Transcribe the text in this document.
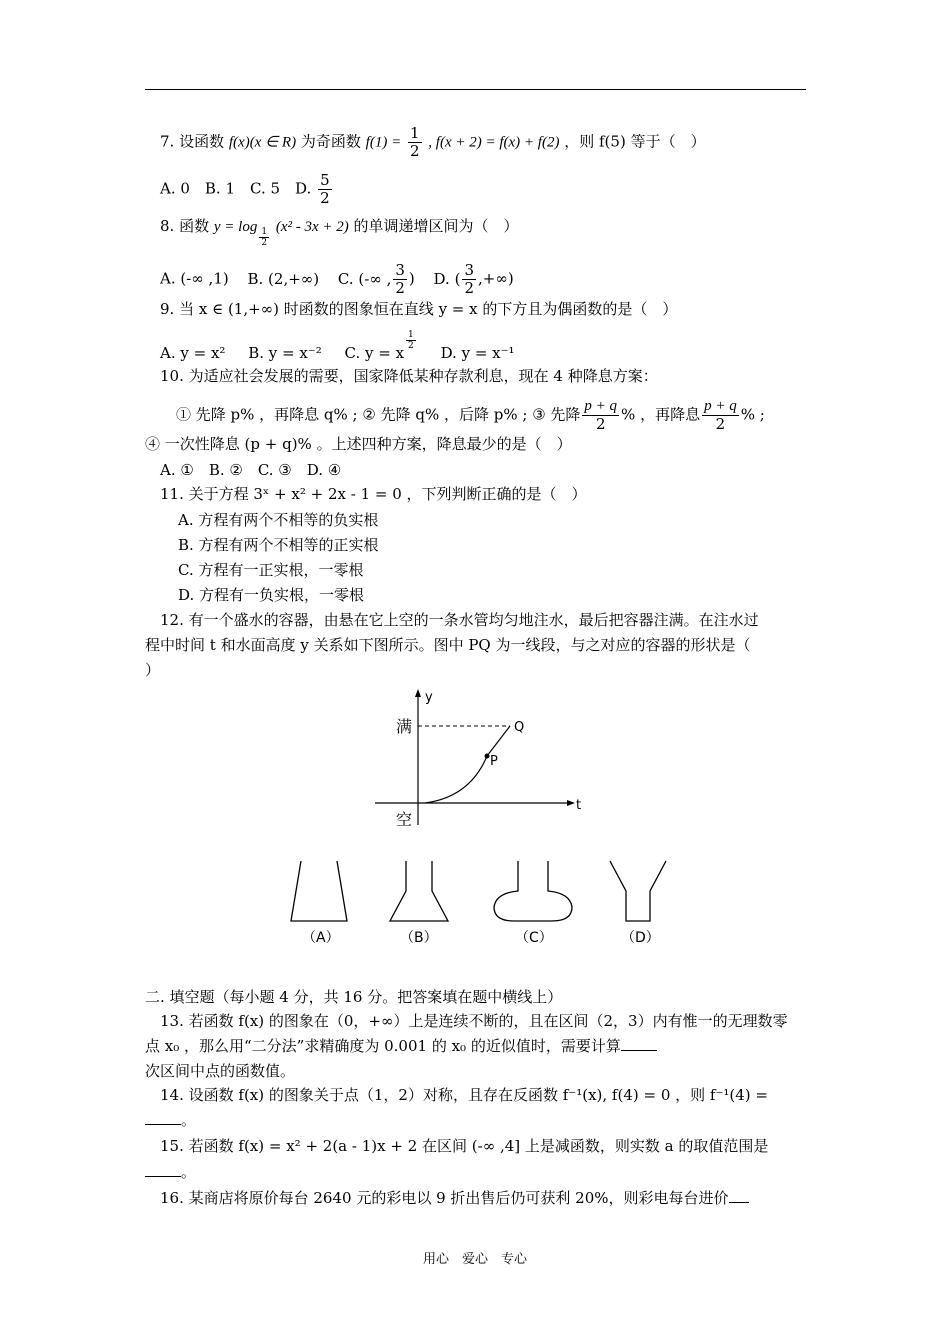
7. 设函数 f(x)(x ∈ R) 为奇函数 $f(1) = \frac{1}{2}$ , f(x + 2) = f(x) + f(2) ，则 f(5) 等于（　）
A. 0　B. 1　C. 5　D. $\frac{5}{2}$
8. 函数 $y = \log \frac{1}{2} (x^2 - 3x + 2)$ 的单调递增区间为（　）
A. (-∞ ,1) B. (2,+∞) C. (-∞ , $\frac{3}{2}$ ) D. ( $\frac{3}{2}$ ,+∞)
9. 当 x ∈ (1,+∞) 时函数的图象恒在直线 y = x 的下方且为偶函数的是（　）
A. y = x² B. y = x⁻² C. y = x
$\frac{1}{2}$
D. y = x⁻¹
10. 为适应社会发展的需要，国家降低某种存款利息，现在 4 种降息方案：
① 先降 p% ，再降息 q% ; ② 先降 q% ，后降 p% ; ③ 先降 $\frac{p + q}{2}$ % ，再降息 $\frac{p + q}{2}$ % ;
④ 一次性降息 (p + q)% 。上述四种方案，降息最少的是（　）
A. ①　B. ②　C. ③　D. ④
11. 关于方程 3ˣ + x² + 2x - 1 = 0 ，下列判断正确的是（　）
A. 方程有两个不相等的负实根
B. 方程有两个不相等的正实根
C. 方程有一正实根，一零根
D. 方程有一负实根，一零根
12. 有一个盛水的容器，由悬在它上空的一条水管均匀地注水，最后把容器注满。在注水过
程中时间 t 和水面高度 y 关系如下图所示。图中 PQ 为一线段，与之对应的容器的形状是（
）
y
t
满
空
Q
P
（A）	（B）	（C）	（D）
二. 填空题（每小题 4 分，共 16 分。把答案填在题中横线上）
13. 若函数 f(x) 的图象在（0，+∞）上是连续不断的，且在区间（2，3）内有惟一的无理数零
点 x₀ ，那么用“二分法”求精确度为 0.001 的 x₀ 的近似值时，需要计算
次区间中点的函数值。
14. 设函数 f(x) 的图象关于点（1，2）对称，且存在反函数 f⁻¹(x), f(4) = 0 ，则 f⁻¹(4) =
。
15. 若函数 f(x) = x² + 2(a - 1)x + 2 在区间 (-∞ ,4] 上是减函数，则实数 a 的取值范围是
。
16. 某商店将原价每台 2640 元的彩电以 9 折出售后仍可获利 20%，则彩电每台进价
用心　爱心　专心
